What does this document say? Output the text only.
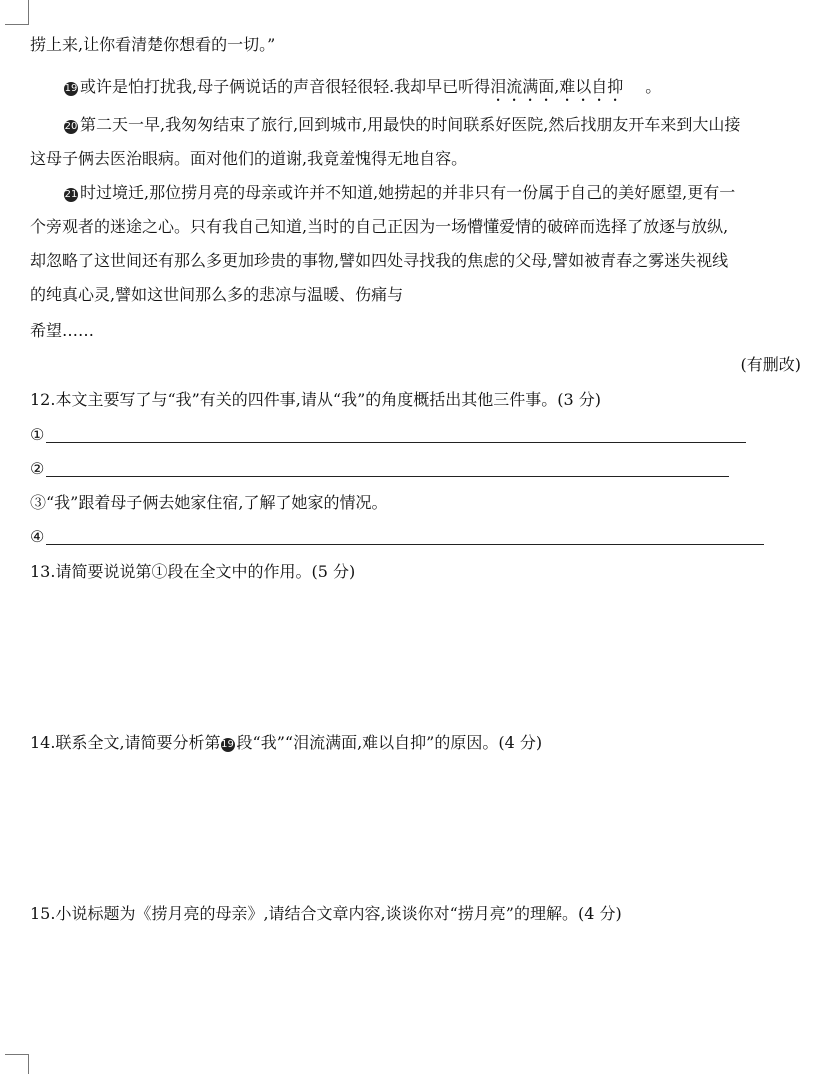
捞上来,让你看清楚你想看的一切。”
19 或许是怕打扰我,母子俩说话的声音很轻很轻.我却早已听得泪流满面,难以自抑 。
20 第二天一早,我匆匆结束了旅行,回到城市,用最快的时间联系好医院,然后找朋友开车来到大山接
这母子俩去医治眼病。面对他们的道谢,我竟羞愧得无地自容。
21 时过境迁,那位捞月亮的母亲或许并不知道,她捞起的并非只有一份属于自己的美好愿望,更有一
个旁观者的迷途之心。只有我自己知道,当时的自己正因为一场懵懂爱情的破碎而选择了放逐与放纵,
却忽略了这世间还有那么多更加珍贵的事物,譬如四处寻找我的焦虑的父母,譬如被青春之雾迷失视线
的纯真心灵,譬如这世间那么多的悲凉与温暖、伤痛与
希望……
(有删改)
12.本文主要写了与“我”有关的四件事,请从“我”的角度概括出其他三件事。(3 分)
①
②
③“我”跟着母子俩去她家住宿,了解了她家的情况。
④
13.请简要说说第①段在全文中的作用。(5 分)
14.联系全文,请简要分析第19 段“我”“泪流满面,难以自抑”的原因。(4 分)
15.小说标题为《捞月亮的母亲》,请结合文章内容,谈谈你对“捞月亮”的理解。(4 分)
